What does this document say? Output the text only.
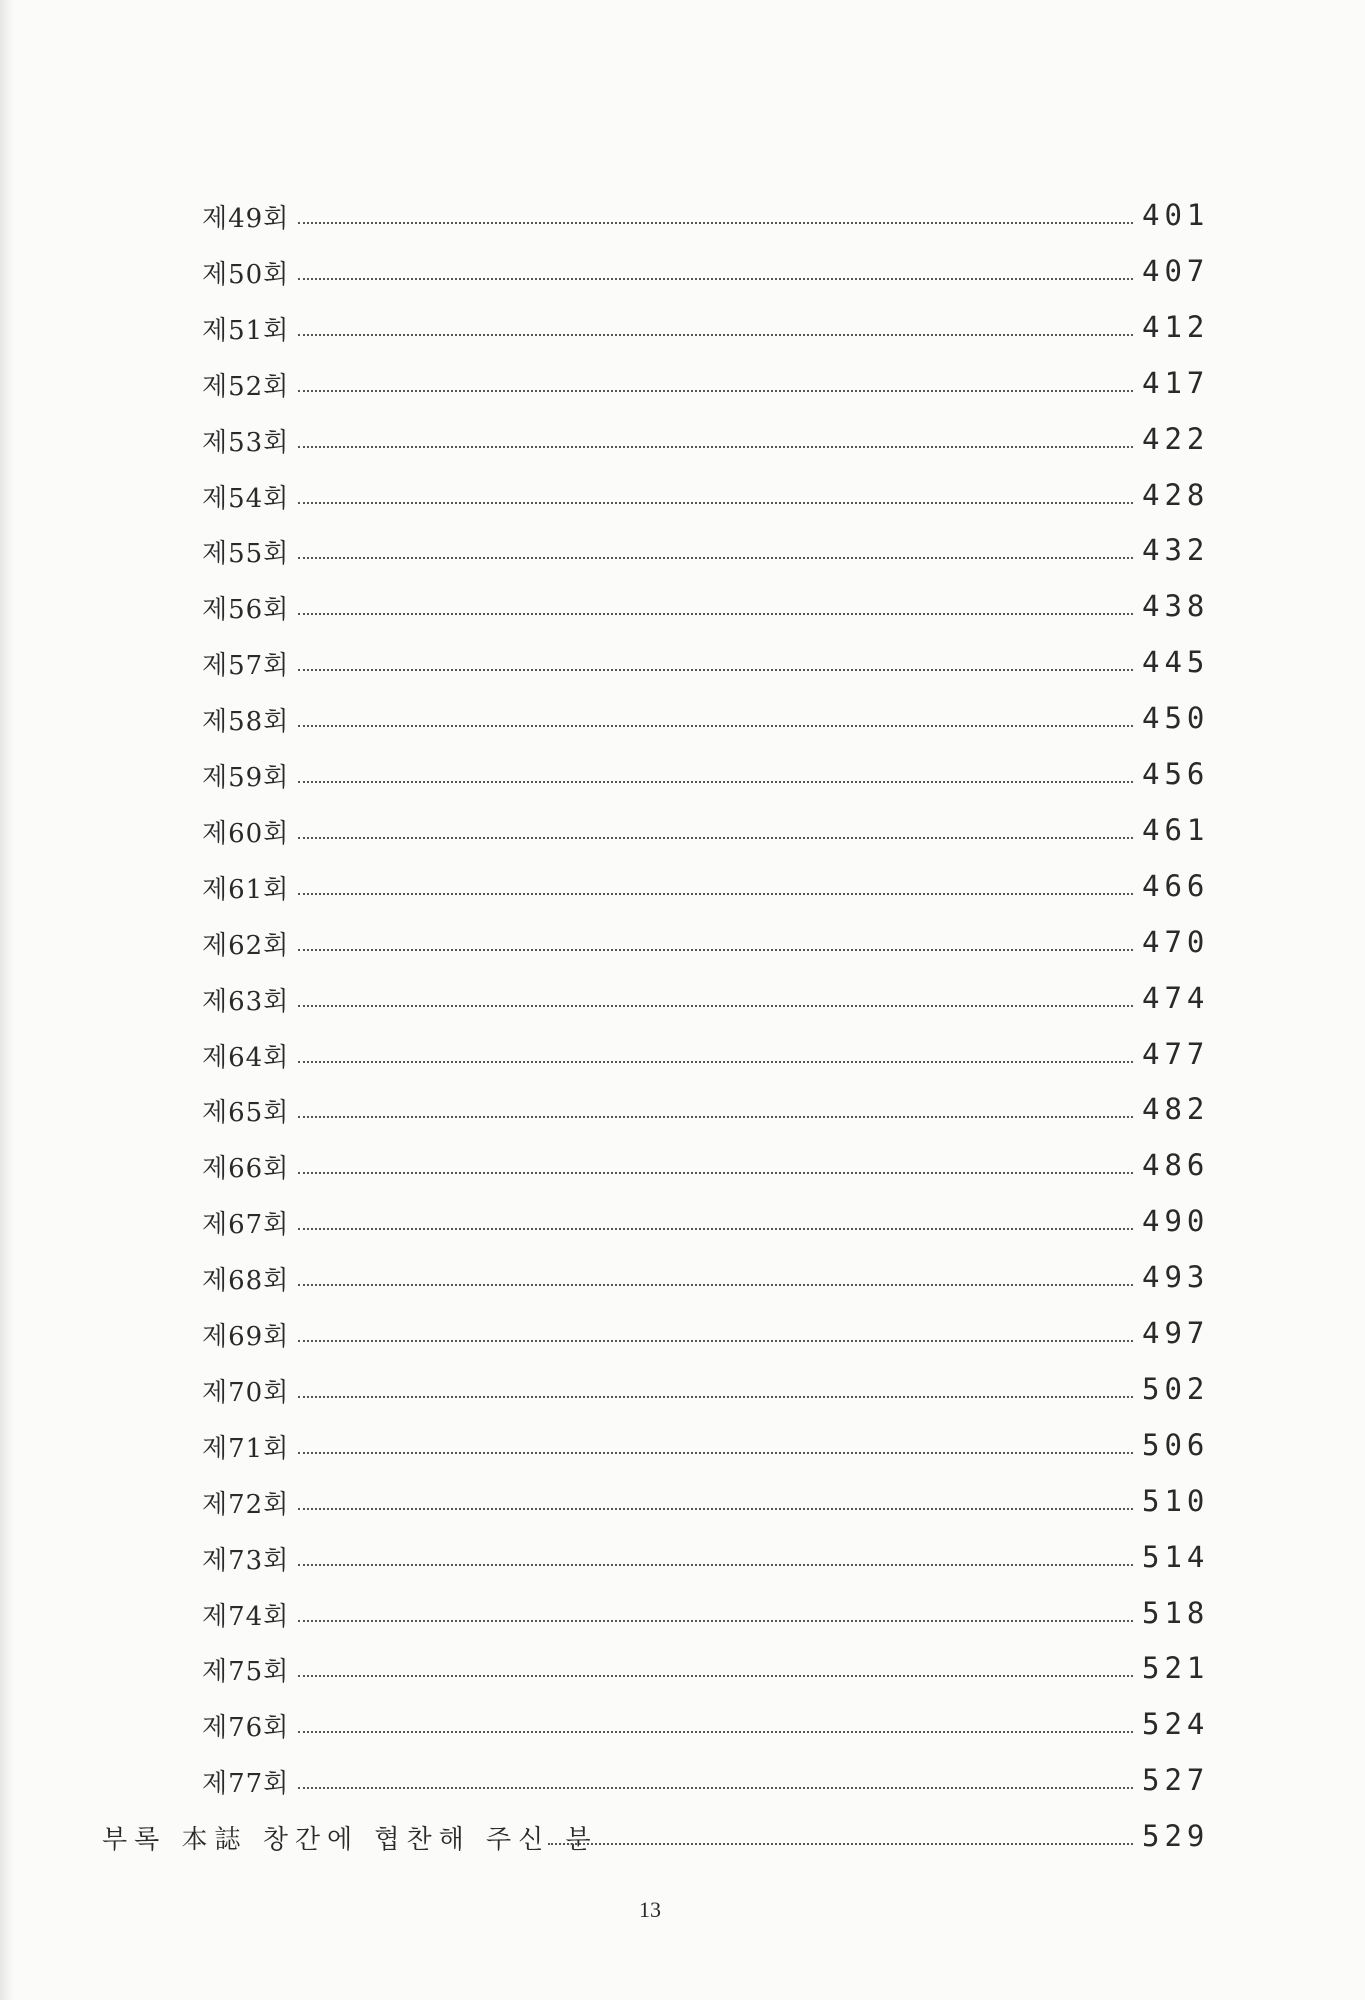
제49회	401
제50회	407
제51회	412
제52회	417
제53회	422
제54회	428
제55회	432
제56회	438
제57회	445
제58회	450
제59회	456
제60회	461
제61회	466
제62회	470
제63회	474
제64회	477
제65회	482
제66회	486
제67회	490
제68회	493
제69회	497
제70회	502
제71회	506
제72회	510
제73회	514
제74회	518
제75회	521
제76회	524
제77회	527
부록 本誌 창간에 협찬해 주신 분	529
13
